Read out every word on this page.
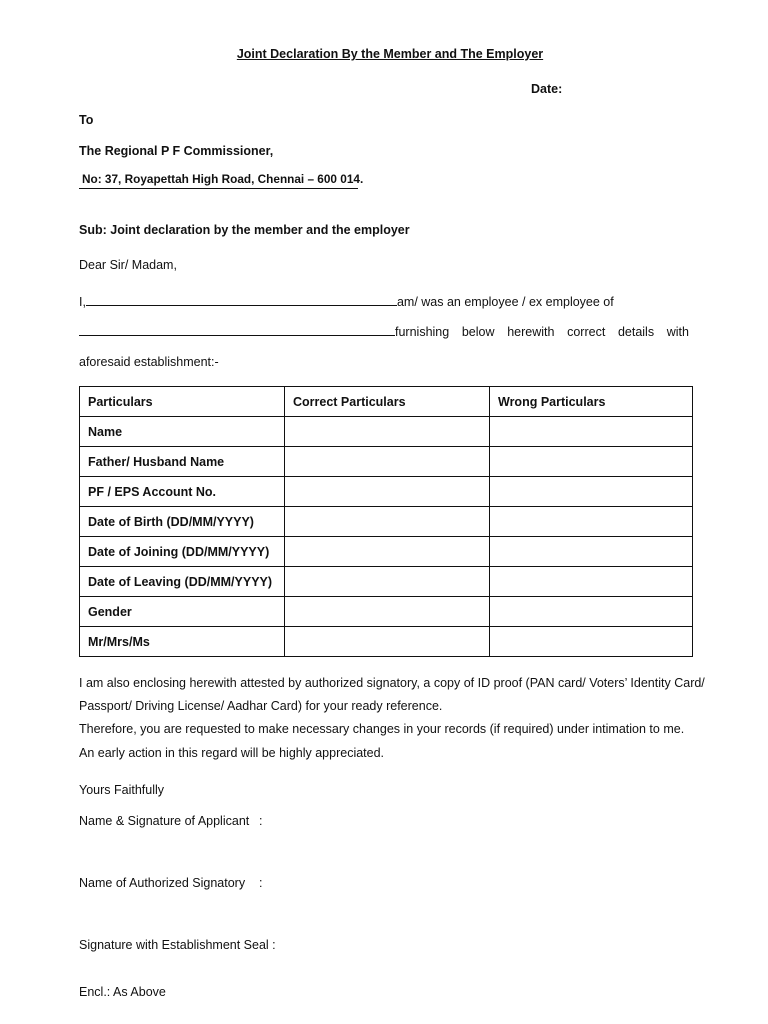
Joint Declaration By the Member and The Employer
Date:
To
The Regional P F Commissioner,
No: 37, Royapettah High Road, Chennai – 600 014.
Sub: Joint declaration by the member and the employer
Dear Sir/ Madam,
I,	am/ was an employee / ex employee of
furnishing below herewith correct details with
aforesaid establishment:-
Particulars	Correct Particulars	Wrong Particulars
Name		
Father/ Husband Name		
PF / EPS Account No.		
Date of Birth (DD/MM/YYYY)		
Date of Joining (DD/MM/YYYY)		
Date of Leaving (DD/MM/YYYY)		
Gender		
Mr/Mrs/Ms		
I am also enclosing herewith attested by authorized signatory, a copy of ID proof (PAN card/ Voters’ Identity Card/
Passport/ Driving License/ Aadhar Card) for your ready reference.
Therefore, you are requested to make necessary changes in your records (if required) under intimation to me.
An early action in this regard will be highly appreciated.
Yours Faithfully
Name & Signature of Applicant :
Name of Authorized Signatory :
Signature with Establishment Seal :
Encl.: As Above
